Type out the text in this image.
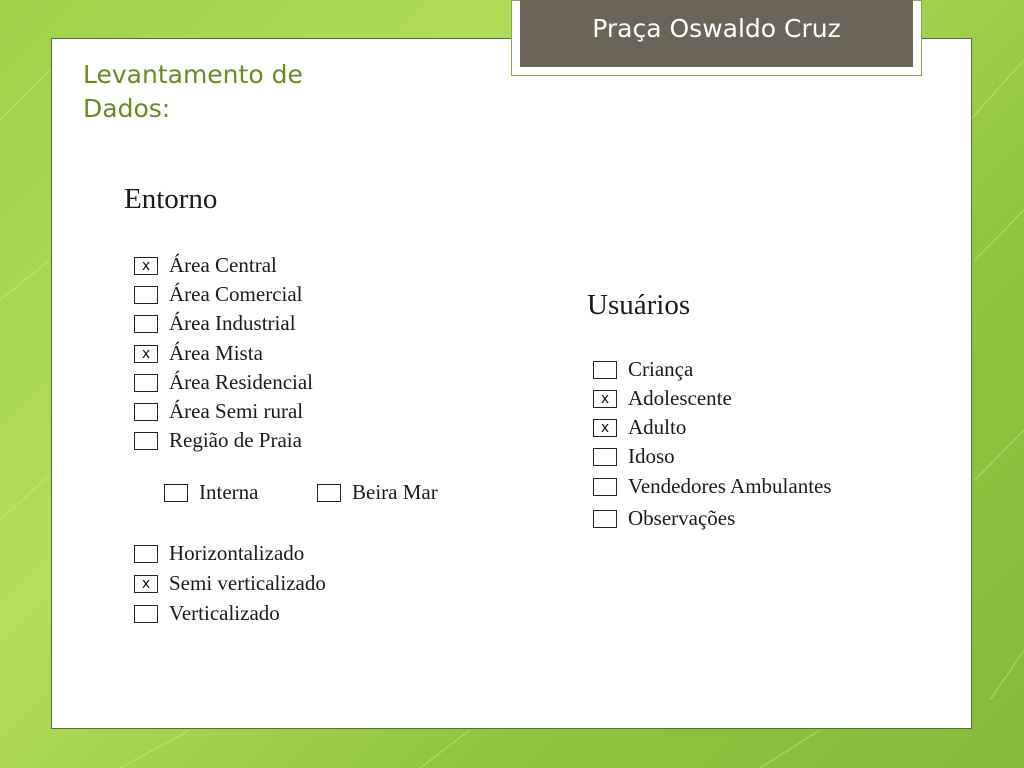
Praça Oswaldo Cruz
Levantamento de
Dados:
Entorno
x Área Central
Área Comercial
Área Industrial
x Área Mista
Área Residencial
Área Semi rural
Região de Praia
Interna	Beira Mar
Horizontalizado
x Semi verticalizado
Verticalizado
Usuários
Criança
x Adolescente
x Adulto
Idoso
Vendedores Ambulantes
Observações
